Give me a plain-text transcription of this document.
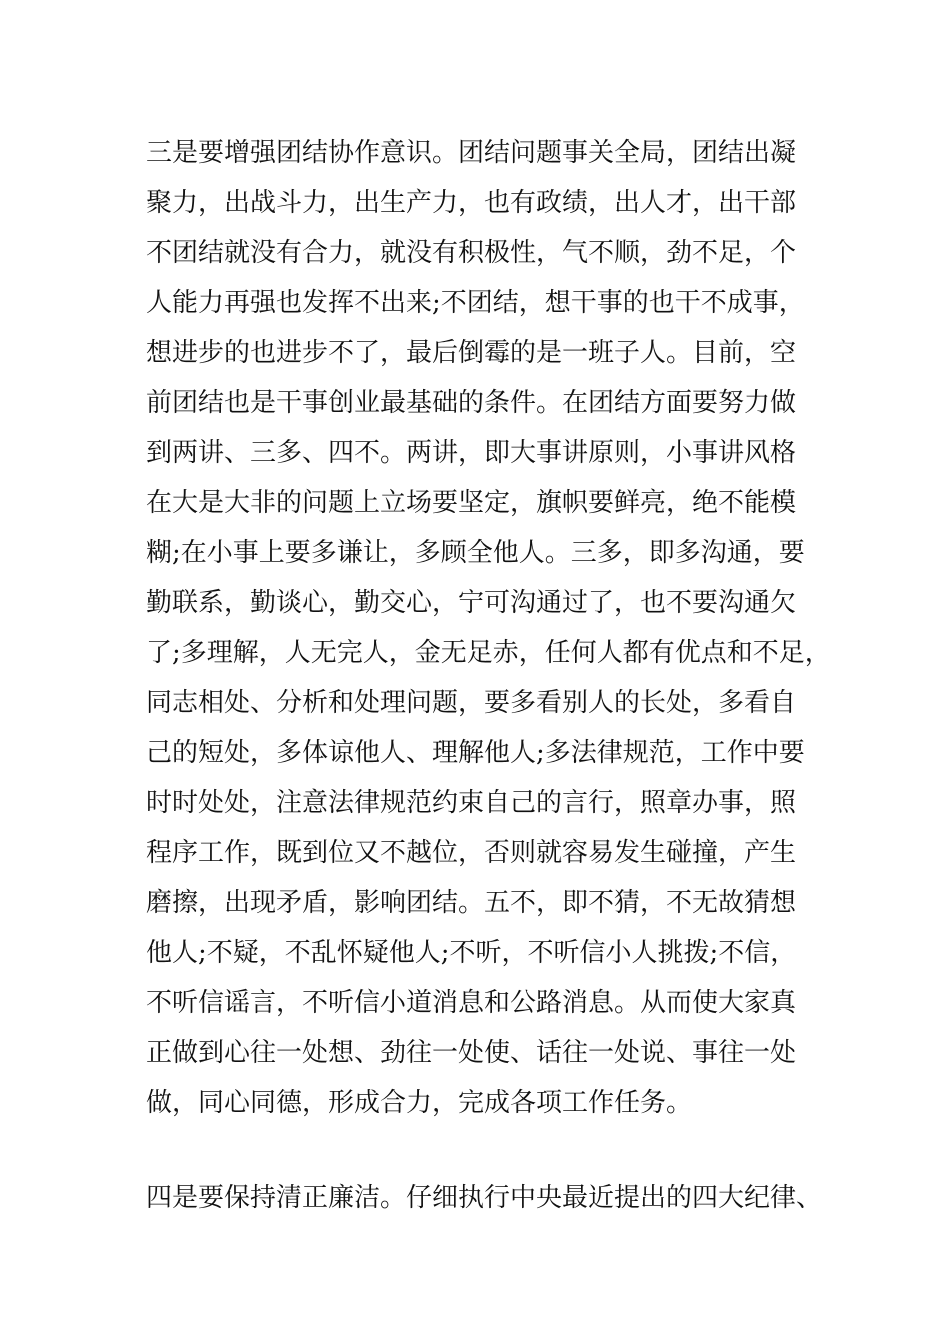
三是要增强团结协作意识。团结问题事关全局，团结出凝
聚力，出战斗力，出生产力，也有政绩，出人才，出干部
不团结就没有合力，就没有积极性，气不顺，劲不足，个
人能力再强也发挥不出来;不团结，想干事的也干不成事，
想进步的也进步不了，最后倒霉的是一班子人。目前，空
前团结也是干事创业最基础的条件。在团结方面要努力做
到两讲、三多、四不。两讲，即大事讲原则，小事讲风格
在大是大非的问题上立场要坚定，旗帜要鲜亮，绝不能模
糊;在小事上要多谦让，多顾全他人。三多，即多沟通，要
勤联系，勤谈心，勤交心，宁可沟通过了，也不要沟通欠
了;多理解，人无完人，金无足赤，任何人都有优点和不足，
同志相处、分析和处理问题，要多看别人的长处，多看自
己的短处，多体谅他人、理解他人;多法律规范，工作中要
时时处处，注意法律规范约束自己的言行，照章办事，照
程序工作，既到位又不越位，否则就容易发生碰撞，产生
磨擦，出现矛盾，影响团结。五不，即不猜，不无故猜想
他人;不疑，不乱怀疑他人;不听，不听信小人挑拨;不信，
不听信谣言，不听信小道消息和公路消息。从而使大家真
正做到心往一处想、劲往一处使、话往一处说、事往一处
做，同心同德，形成合力，完成各项工作任务。
四是要保持清正廉洁。仔细执行中央最近提出的四大纪律、
